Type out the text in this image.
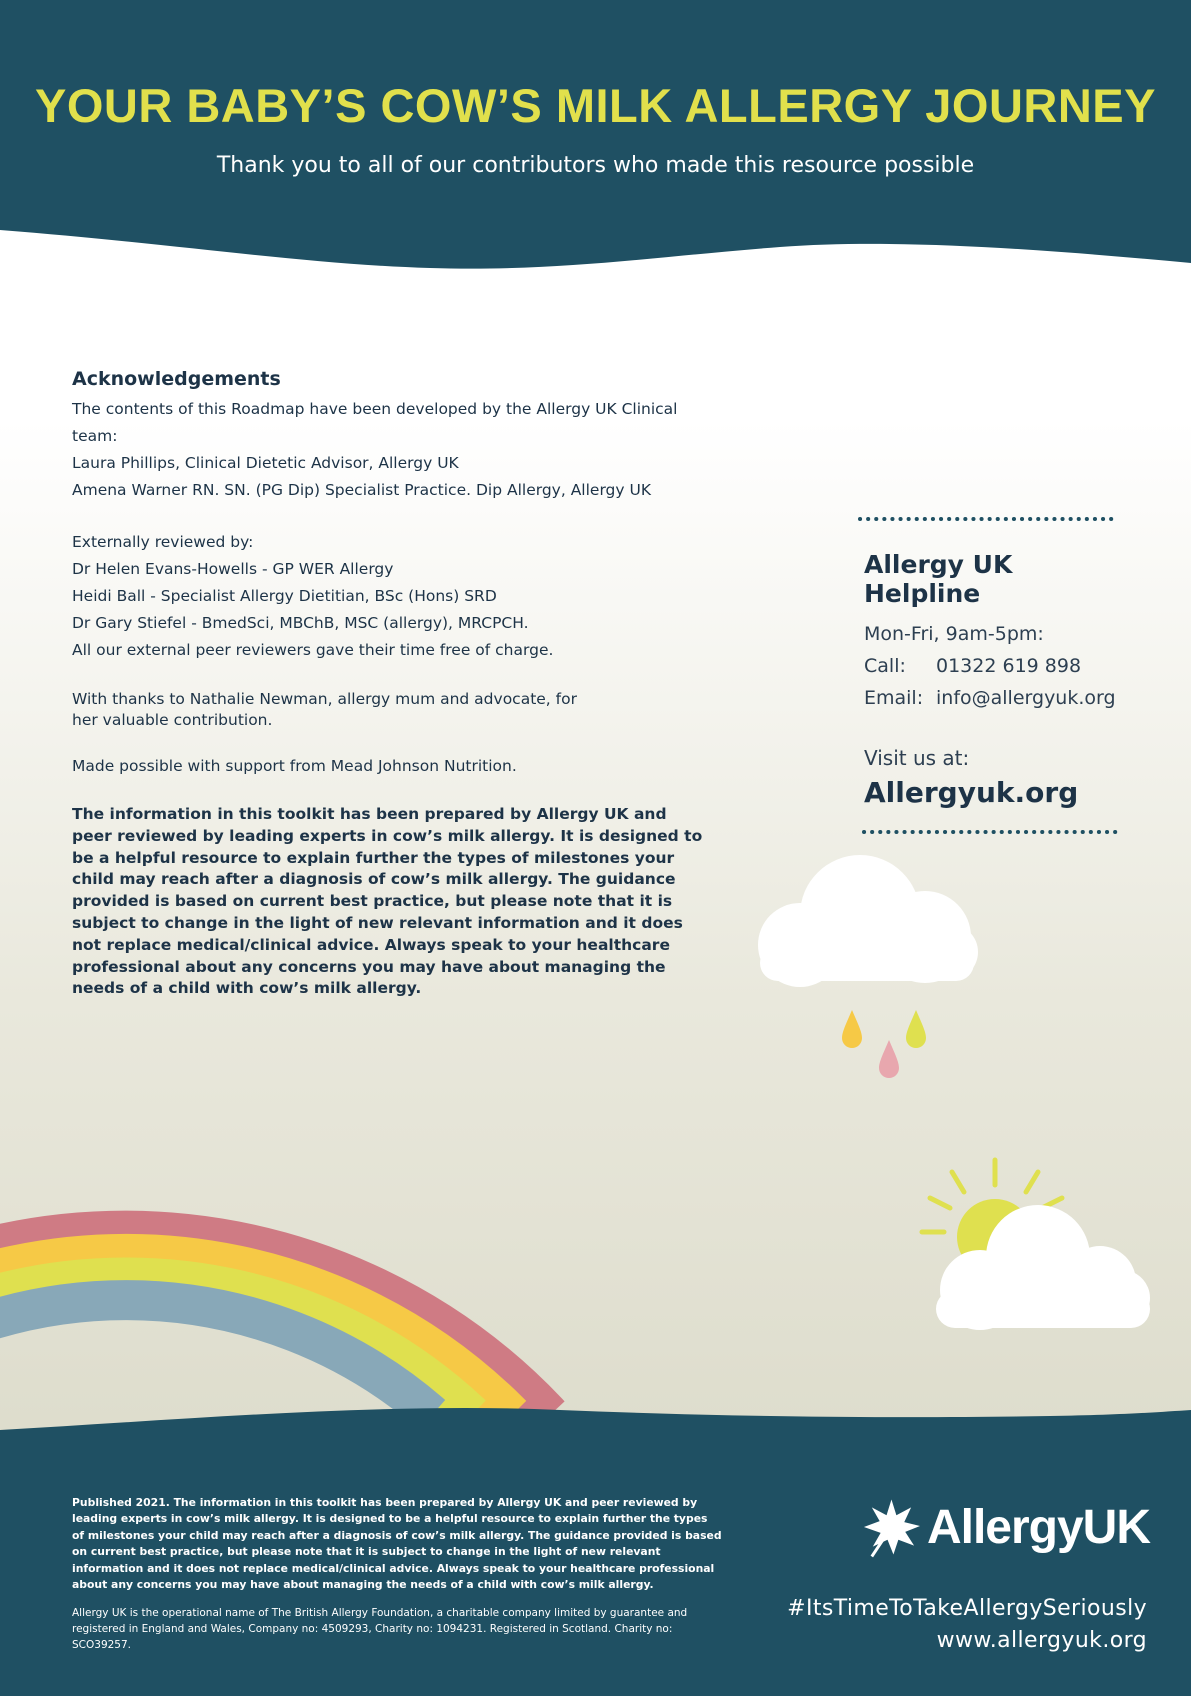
YOUR BABY’S COW’S MILK ALLERGY JOURNEY

Thank you to all of our contributors who made this resource possible

Acknowledgements

The contents of this Roadmap have been developed by the Allergy UK Clinical team:

Laura Phillips, Clinical Dietetic Advisor, Allergy UK

Amena Warner RN. SN. (PG Dip) Specialist Practice. Dip Allergy, Allergy UK

Externally reviewed by:

Dr Helen Evans-Howells - GP WER Allergy

Heidi Ball - Specialist Allergy Dietitian, BSc (Hons) SRD

Dr Gary Stiefel - BmedSci, MBChB, MSC (allergy), MRCPCH.

All our external peer reviewers gave their time free of charge.

With thanks to Nathalie Newman, allergy mum and advocate, for her valuable contribution.

Made possible with support from Mead Johnson Nutrition.

The information in this toolkit has been prepared by Allergy UK and peer reviewed by leading experts in cow’s milk allergy. It is designed to be a helpful resource to explain further the types of milestones your child may reach after a diagnosis of cow’s milk allergy. The guidance provided is based on current best practice, but please note that it is subject to change in the light of new relevant information and it does not replace medical/clinical advice. Always speak to your healthcare professional about any concerns you may have about managing the needs of a child with cow’s milk allergy.

Allergy UK Helpline

Mon-Fri, 9am-5pm:

Call: 01322 619 898

Email: info@allergyuk.org

Visit us at:

Allergyuk.org

Published 2021. The information in this toolkit has been prepared by Allergy UK and peer reviewed by leading experts in cow’s milk allergy. It is designed to be a helpful resource to explain further the types of milestones your child may reach after a diagnosis of cow’s milk allergy. The guidance provided is based on current best practice, but please note that it is subject to change in the light of new relevant information and it does not replace medical/clinical advice. Always speak to your healthcare professional about any concerns you may have about managing the needs of a child with cow’s milk allergy.

Allergy UK is the operational name of The British Allergy Foundation, a charitable company limited by guarantee and registered in England and Wales, Company no: 4509293, Charity no: 1094231. Registered in Scotland. Charity no: SCO39257.

AllergyUK

#ItsTimeToTakeAllergySeriously

www.allergyuk.org
